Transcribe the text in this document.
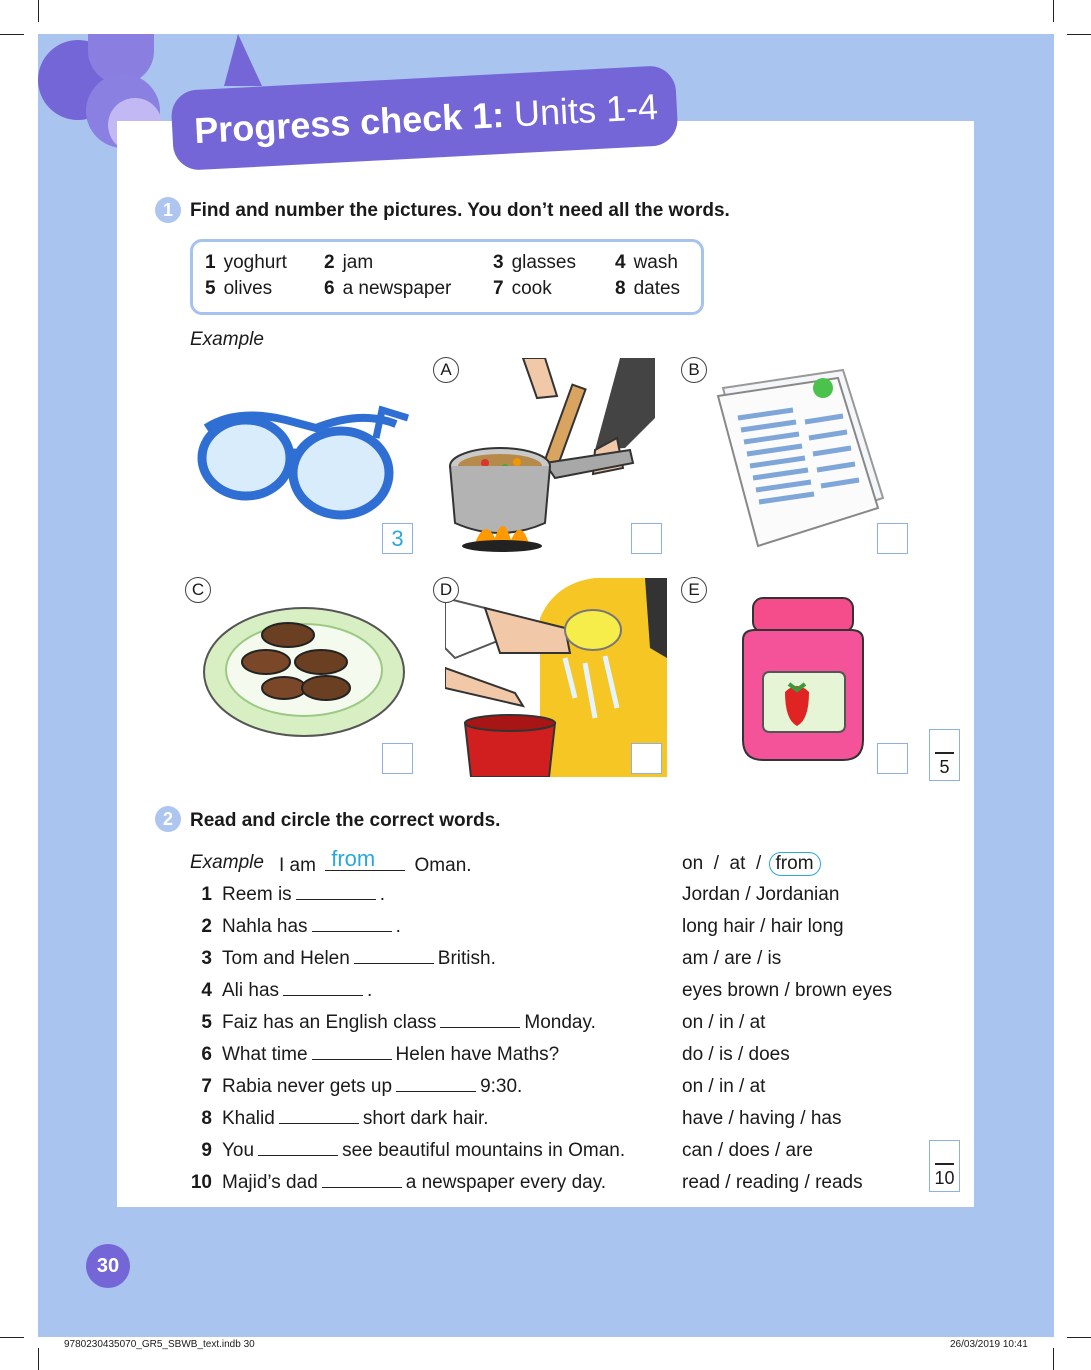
Progress check 1: Units 1-4
1 Find and number the pictures. You don’t need all the words.
1 yoghurt 2 jam	3 glasses 4 wash
5 olives	6 a newspaper 7 cook	8 dates
Example
3
A	B
C	D	E
5
2 Read and circle the correct words.
Example I am from Oman.	on  /  at  / from
1 Reem is	.	Jordan / Jordanian
2 Nahla has	.	long hair / hair long
3 Tom and Helen	British.	am / are / is
4 Ali has	.	eyes brown / brown eyes
5 Faiz has an English class	Monday.	on / in / at
6 What time	Helen have Maths?	do / is / does
7 Rabia never gets up	9:30.	on / in / at
8 Khalid	short dark hair.	have / having / has
9 You	see beautiful mountains in Oman.	can / does / are
10 Majid’s dad	a newspaper every day.	read / reading / reads	10
30
9780230435070_GR5_SBWB_text.indb 30	26/03/2019 10:41
